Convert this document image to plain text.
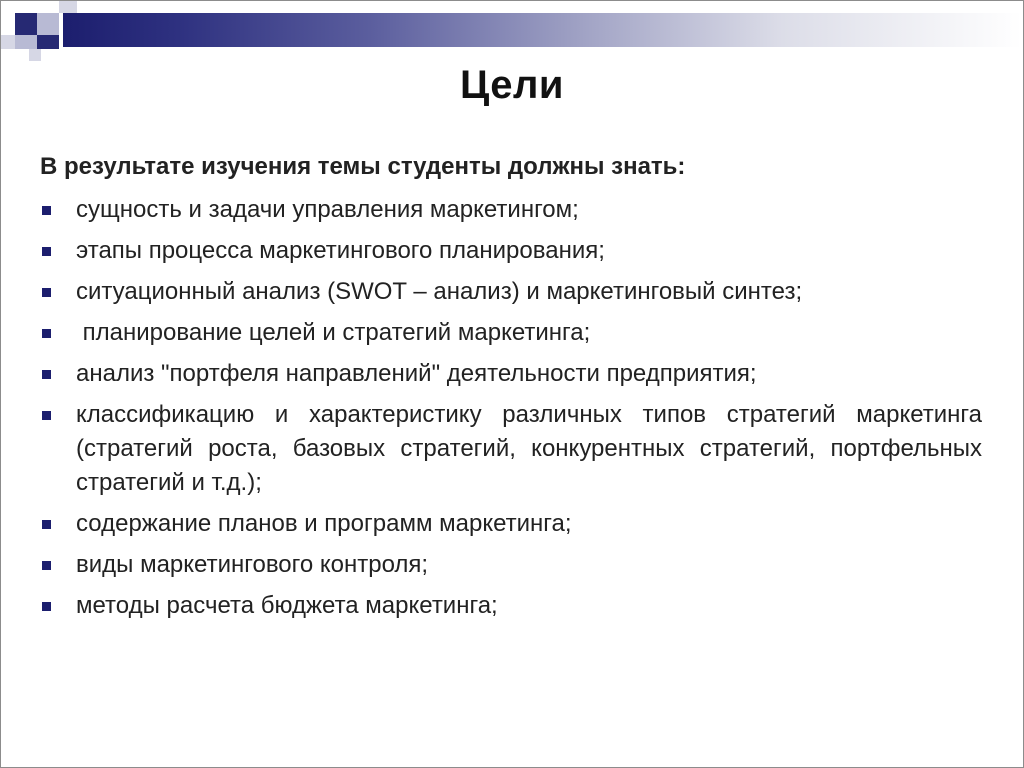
Цели
В результате изучения темы студенты должны знать:
сущность и задачи управления маркетингом;
этапы процесса маркетингового планирования;
ситуационный анализ (SWOT – анализ) и маркетинговый синтез;
планирование целей и стратегий маркетинга;
анализ "портфеля направлений" деятельности предприятия;
классификацию и характеристику различных типов стратегий маркетинга (стратегий роста, базовых стратегий, конкурентных стратегий, портфельных стратегий и т.д.);
содержание планов и программ маркетинга;
виды маркетингового контроля;
методы расчета бюджета маркетинга;
